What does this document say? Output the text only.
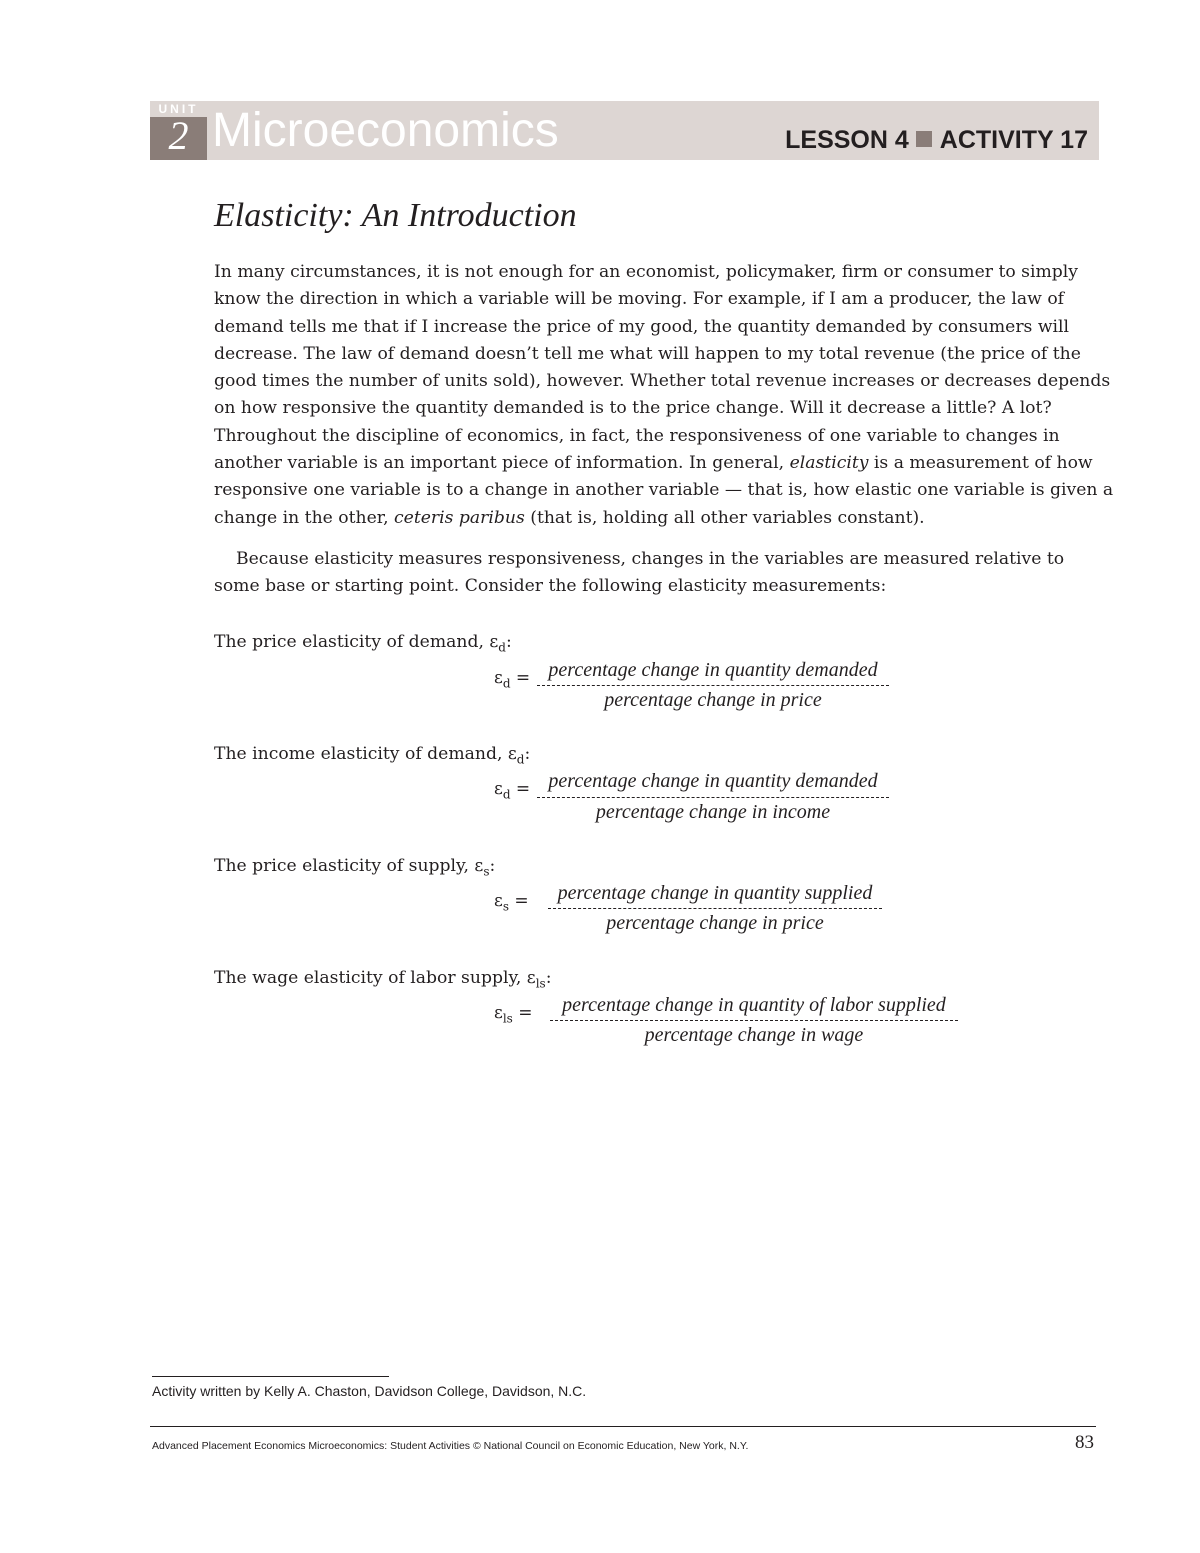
UNIT
2 Microeconomics	LESSON 4 ACTIVITY 17
Elasticity: An Introduction

In many circumstances, it is not enough for an economist, policymaker, firm or consumer to simply know the direction in which a variable will be moving. For example, if I am a producer, the law of demand tells me that if I increase the price of my good, the quantity demanded by consumers will decrease. The law of demand doesn’t tell me what will happen to my total revenue (the price of the good times the number of units sold), however. Whether total revenue increases or decreases depends on how responsive the quantity demanded is to the price change. Will it decrease a little? A lot? Throughout the discipline of economics, in fact, the responsiveness of one variable to changes in another variable is an important piece of information. In general, elasticity is a measurement of how responsive one variable is to a change in another variable — that is, how elastic one variable is given a change in the other, ceteris paribus (that is, holding all other variables constant).

Because elasticity measures responsiveness, changes in the variables are measured relative to some base or starting point. Consider the following elasticity measurements:

The price elasticity of demand, $\varepsilon_d$:
$\varepsilon_d$ = percentage change in quantity demanded
percentage change in price
The income elasticity of demand, $\varepsilon_d$:
$\varepsilon_d$ = percentage change in quantity demanded
percentage change in income
The price elasticity of supply, $\varepsilon_s$:
$\varepsilon_s$ =	percentage change in quantity supplied
percentage change in price
The wage elasticity of labor supply, $\varepsilon_{ls}$:
$\varepsilon_{ls}$ =	percentage change in quantity of labor supplied
percentage change in wage
Activity written by Kelly A. Chaston, Davidson College, Davidson, N.C.
Advanced Placement Economics Microeconomics: Student Activities © National Council on Economic Education, New York, N.Y.	83
